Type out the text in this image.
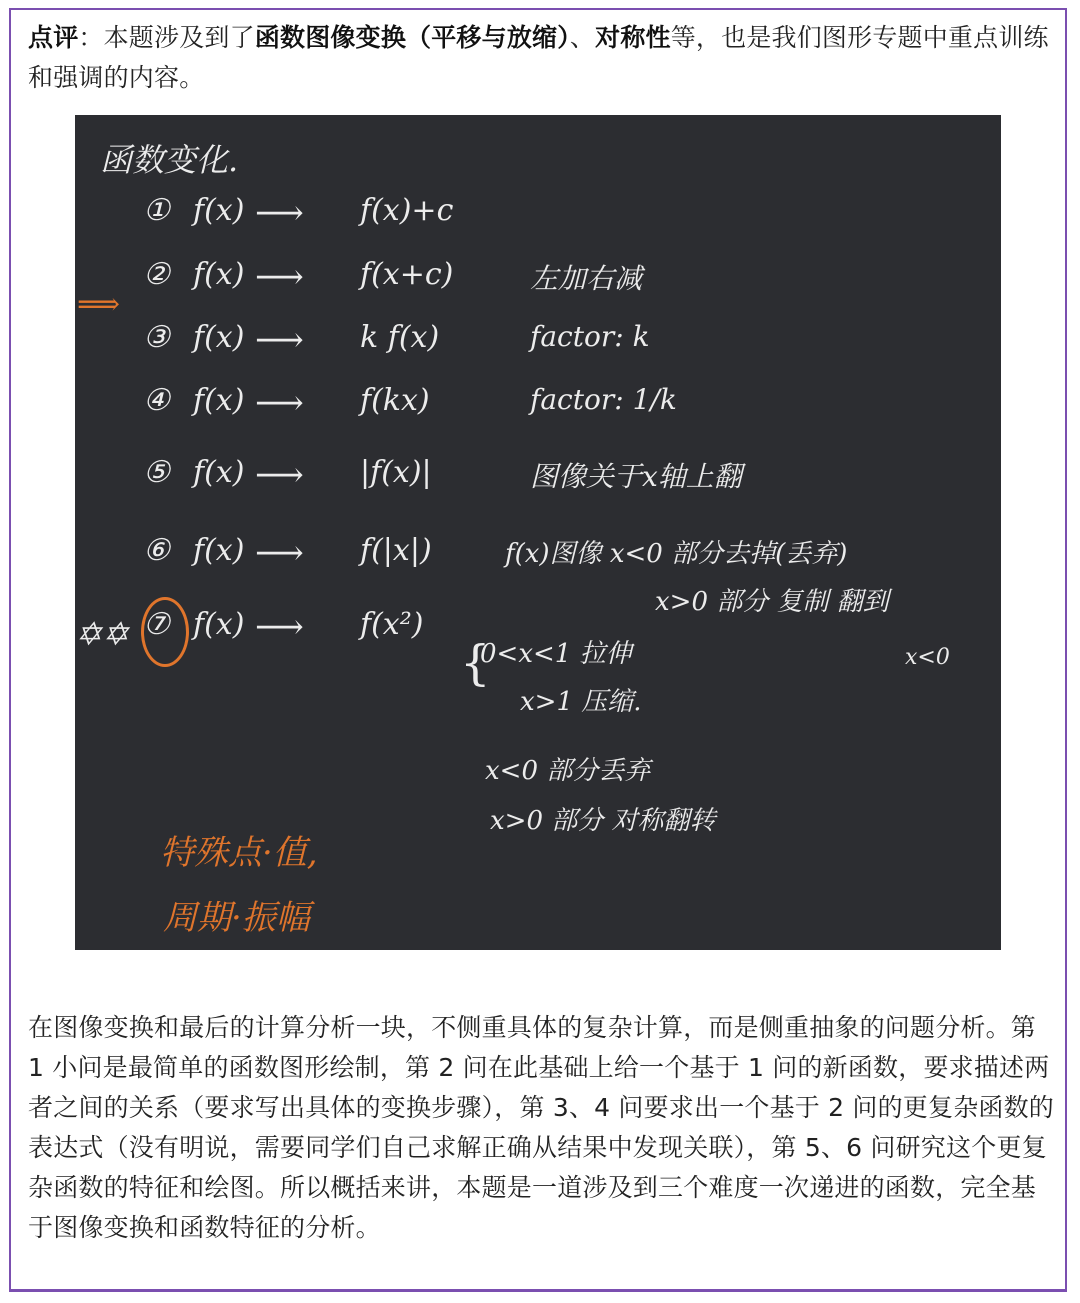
点评：本题涉及到了函数图像变换（平移与放缩）、对称性等，也是我们图形专题中重点训练和强调的内容。
函数变化.
⟹
① f(x) ⟶ f(x)+c
② f(x) ⟶ f(x+c)	左加右减
③ f(x) ⟶ k f(x)	factor: k
④ f(x) ⟶ f(kx)	factor: 1/k
⑤ f(x) ⟶ |f(x)|	图像关于x轴上翻
⑥ f(x) ⟶ f(|x|)
⑦ f(x) ⟶ f(x²)
f(x)图像 x<0 部分去掉(丢弃)
x>0 部分 复制 翻到
x<0
✡✡
{
0<x<1 拉伸
x>1 压缩.
x<0 部分丢弃
x>0 部分 对称翻转
特殊点·值,
周期·振幅
在图像变换和最后的计算分析一块，不侧重具体的复杂计算，而是侧重抽象的问题分析。第 1 小问是最简单的函数图形绘制，第 2 问在此基础上给一个基于 1 问的新函数，要求描述两者之间的关系（要求写出具体的变换步骤），第 3、4 问要求出一个基于 2 问的更复杂函数的表达式（没有明说，需要同学们自己求解正确从结果中发现关联），第 5、6 问研究这个更复杂函数的特征和绘图。所以概括来讲，本题是一道涉及到三个难度一次递进的函数，完全基于图像变换和函数特征的分析。
